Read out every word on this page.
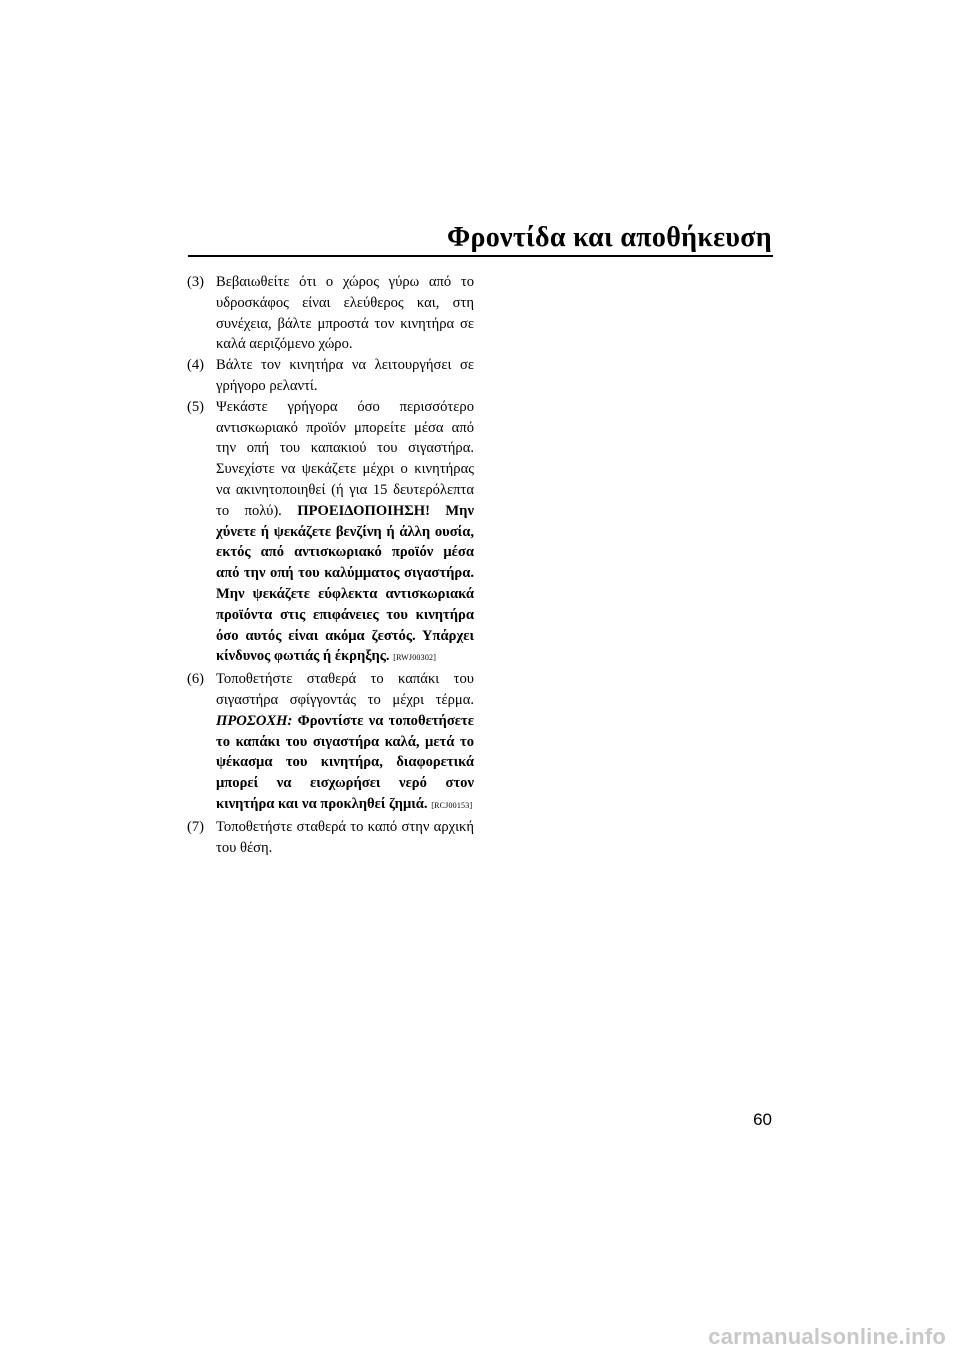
Φροντίδα και αποθήκευση
(3) Βεβαιωθείτε ότι ο χώρος γύρω από το υδροσκάφος είναι ελεύθερος και, στη συνέχεια, βάλτε μπροστά τον κινητήρα σε καλά αεριζόμενο χώρο.
(4) Βάλτε τον κινητήρα να λειτουργήσει σε γρήγορο ρελαντί.
(5) Ψεκάστε γρήγορα όσο περισσότερο αντισκωριακό προϊόν μπορείτε μέσα από την οπή του καπακιού του σιγαστήρα. Συνεχίστε να ψεκάζετε μέχρι ο κινητήρας να ακινητοποιηθεί (ή για 15 δευτερόλεπτα το πολύ). ΠΡΟΕΙΔΟΠΟΙΗΣΗ! Μην χύνετε ή ψεκάζετε βενζίνη ή άλλη ουσία, εκτός από αντισκωριακό προϊόν μέσα από την οπή του καλύμματος σιγαστήρα. Μην ψεκάζετε εύφλεκτα αντισκωριακά προϊόντα στις επιφάνειες του κινητήρα όσο αυτός είναι ακόμα ζεστός. Υπάρχει κίνδυνος φωτιάς ή έκρηξης. [RWJ00302]
(6) Τοποθετήστε σταθερά το καπάκι του σιγαστήρα σφίγγοντάς το μέχρι τέρμα. ΠΡΟΣΟΧΗ: Φροντίστε να τοποθετήσετε το καπάκι του σιγαστήρα καλά, μετά το ψέκασμα του κινητήρα, διαφορετικά μπορεί να εισχωρήσει νερό στον κινητήρα και να προκληθεί ζημιά. [RCJ00153]
(7) Τοποθετήστε σταθερά το καπό στην αρχική του θέση.
60
carmanualsonline.info
